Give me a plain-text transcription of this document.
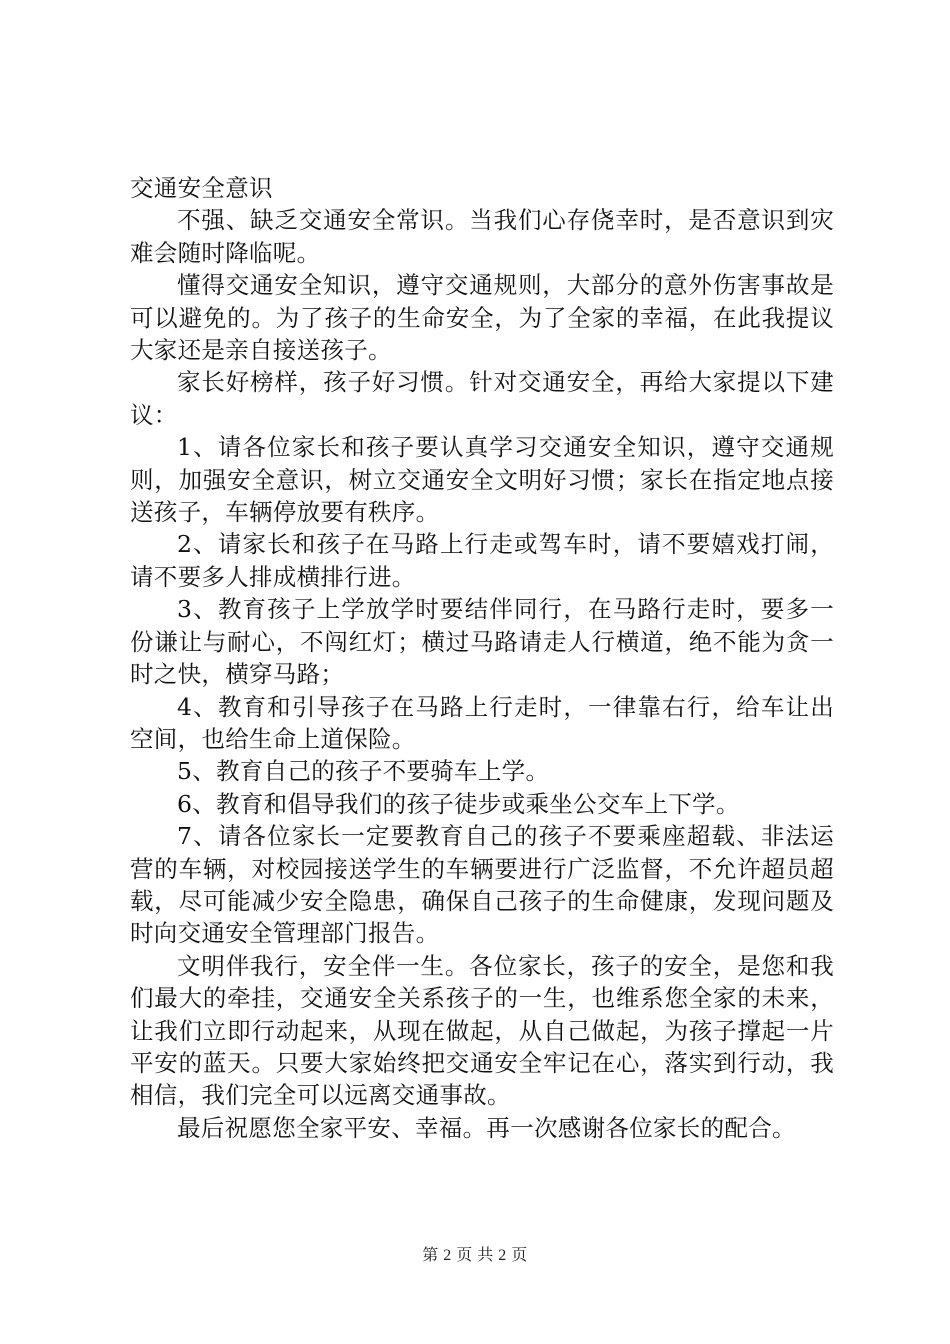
交通安全意识

不强、缺乏交通安全常识。当我们心存侥幸时，是否意识到灾难会随时降临呢。

懂得交通安全知识，遵守交通规则，大部分的意外伤害事故是可以避免的。为了孩子的生命安全，为了全家的幸福，在此我提议大家还是亲自接送孩子。

家长好榜样，孩子好习惯。针对交通安全，再给大家提以下建议：

1、请各位家长和孩子要认真学习交通安全知识，遵守交通规则，加强安全意识，树立交通安全文明好习惯；家长在指定地点接送孩子，车辆停放要有秩序。

2、请家长和孩子在马路上行走或驾车时，请不要嬉戏打闹，请不要多人排成横排行进。

3、教育孩子上学放学时要结伴同行，在马路行走时，要多一份谦让与耐心，不闯红灯；横过马路请走人行横道，绝不能为贪一时之快，横穿马路；

4、教育和引导孩子在马路上行走时，一律靠右行，给车让出空间，也给生命上道保险。

5、教育自己的孩子不要骑车上学。

6、教育和倡导我们的孩子徒步或乘坐公交车上下学。

7、请各位家长一定要教育自己的孩子不要乘座超载、非法运营的车辆，对校园接送学生的车辆要进行广泛监督，不允许超员超载，尽可能减少安全隐患，确保自己孩子的生命健康，发现问题及时向交通安全管理部门报告。

文明伴我行，安全伴一生。各位家长，孩子的安全，是您和我们最大的牵挂，交通安全关系孩子的一生，也维系您全家的未来，让我们立即行动起来，从现在做起，从自己做起，为孩子撑起一片平安的蓝天。只要大家始终把交通安全牢记在心，落实到行动，我相信，我们完全可以远离交通事故。

最后祝愿您全家平安、幸福。再一次感谢各位家长的配合。

第 2 页 共 2 页
